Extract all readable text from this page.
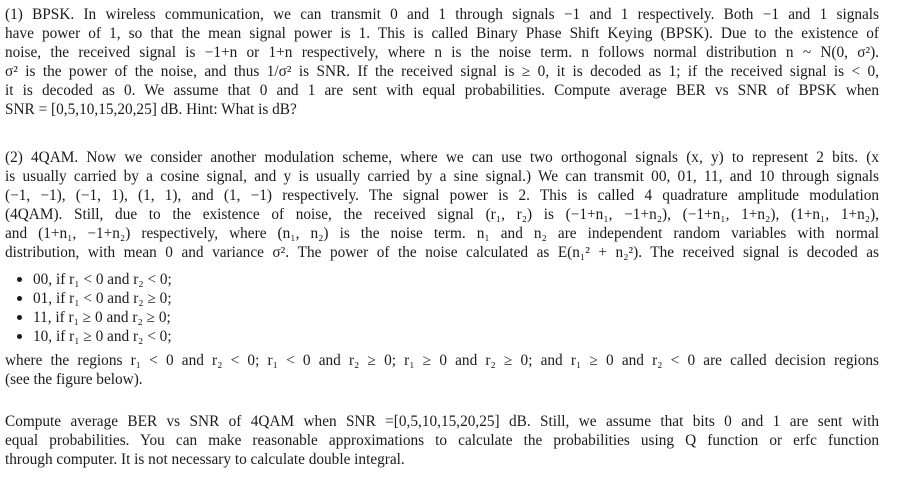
(1) BPSK. In wireless communication, we can transmit 0 and 1 through signals −1 and 1 respectively. Both −1 and 1 signals
have power of 1, so that the mean signal power is 1. This is called Binary Phase Shift Keying (BPSK). Due to the existence of
noise, the received signal is −1+n or 1+n respectively, where n is the noise term. n follows normal distribution n ~ N(0, σ²).
σ² is the power of the noise, and thus 1/σ² is SNR. If the received signal is ≥ 0, it is decoded as 1; if the received signal is < 0,
it is decoded as 0. We assume that 0 and 1 are sent with equal probabilities. Compute average BER vs SNR of BPSK when
SNR = [0,5,10,15,20,25] dB. Hint: What is dB?

(2) 4QAM. Now we consider another modulation scheme, where we can use two orthogonal signals (x, y) to represent 2 bits. (x
is usually carried by a cosine signal, and y is usually carried by a sine signal.) We can transmit 00, 01, 11, and 10 through signals
(−1, −1), (−1, 1), (1, 1), and (1, −1) respectively. The signal power is 2. This is called 4 quadrature amplitude modulation
(4QAM). Still, due to the existence of noise, the received signal (r₁, r₂) is (−1+n₁, −1+n₂), (−1+n₁, 1+n₂), (1+n₁, 1+n₂),
and (1+n₁, −1+n₂) respectively, where (n₁, n₂) is the noise term. n₁ and n₂ are independent random variables with normal
distribution, with mean 0 and variance σ². The power of the noise calculated as E(n₁² + n₂²). The received signal is decoded as

00, if r₁ < 0 and r₂ < 0;
01, if r₁ < 0 and r₂ ≥ 0;
11, if r₁ ≥ 0 and r₂ ≥ 0;
10, if r₁ ≥ 0 and r₂ < 0;

where the regions r₁ < 0 and r₂ < 0; r₁ < 0 and r₂ ≥ 0; r₁ ≥ 0 and r₂ ≥ 0; and r₁ ≥ 0 and r₂ < 0 are called decision regions
(see the figure below).

Compute average BER vs SNR of 4QAM when SNR =[0,5,10,15,20,25] dB. Still, we assume that bits 0 and 1 are sent with
equal probabilities. You can make reasonable approximations to calculate the probabilities using Q function or erfc function
through computer. It is not necessary to calculate double integral.
